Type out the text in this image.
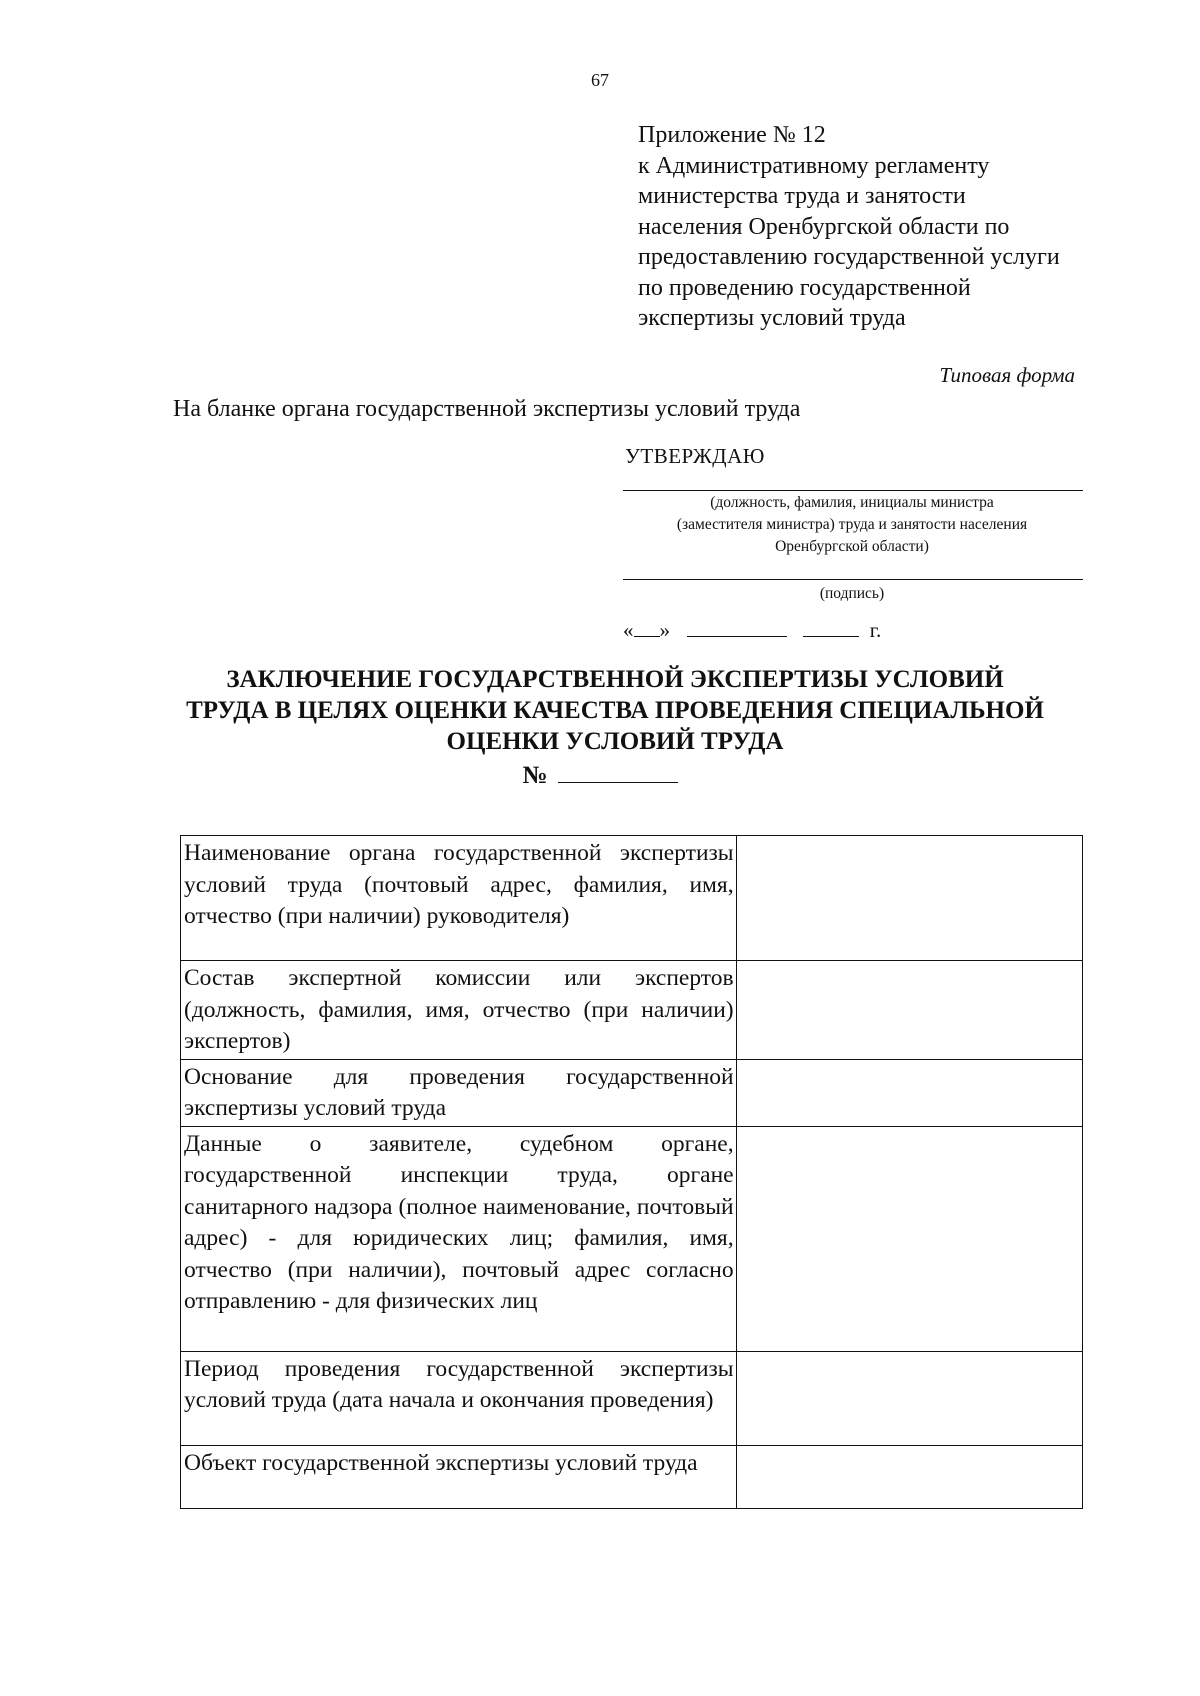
67
Приложение № 12
к Административному регламенту
министерства труда и занятости
населения Оренбургской области по
предоставлению государственной услуги
по проведению государственной
экспертизы условий труда
Типовая форма
На бланке органа государственной экспертизы условий труда
УТВЕРЖДАЮ
(должность, фамилия, инициалы министра
(заместителя министра) труда и занятости населения
Оренбургской области)
(подпись)
« »	г.
ЗАКЛЮЧЕНИЕ ГОСУДАРСТВЕННОЙ ЭКСПЕРТИЗЫ УСЛОВИЙ
ТРУДА В ЦЕЛЯХ ОЦЕНКИ КАЧЕСТВА ПРОВЕДЕНИЯ СПЕЦИАЛЬНОЙ
ОЦЕНКИ УСЛОВИЙ ТРУДА
№
Наименование органа государственной экспертизы условий труда (почтовый адрес, фамилия, имя, отчество (при наличии) руководителя)	
Состав экспертной комиссии или экспертов (должность, фамилия, имя, отчество (при наличии) экспертов)	
Основание для проведения государственной экспертизы условий труда	
Данные о заявителе, судебном органе, государственной инспекции труда, органе санитарного надзора (полное наименование, почтовый адрес) - для юридических лиц; фамилия, имя, отчество (при наличии), почтовый адрес согласно отправлению - для физических лиц	
Период проведения государственной экспертизы условий труда (дата начала и окончания проведения)	
Объект государственной экспертизы условий труда	
